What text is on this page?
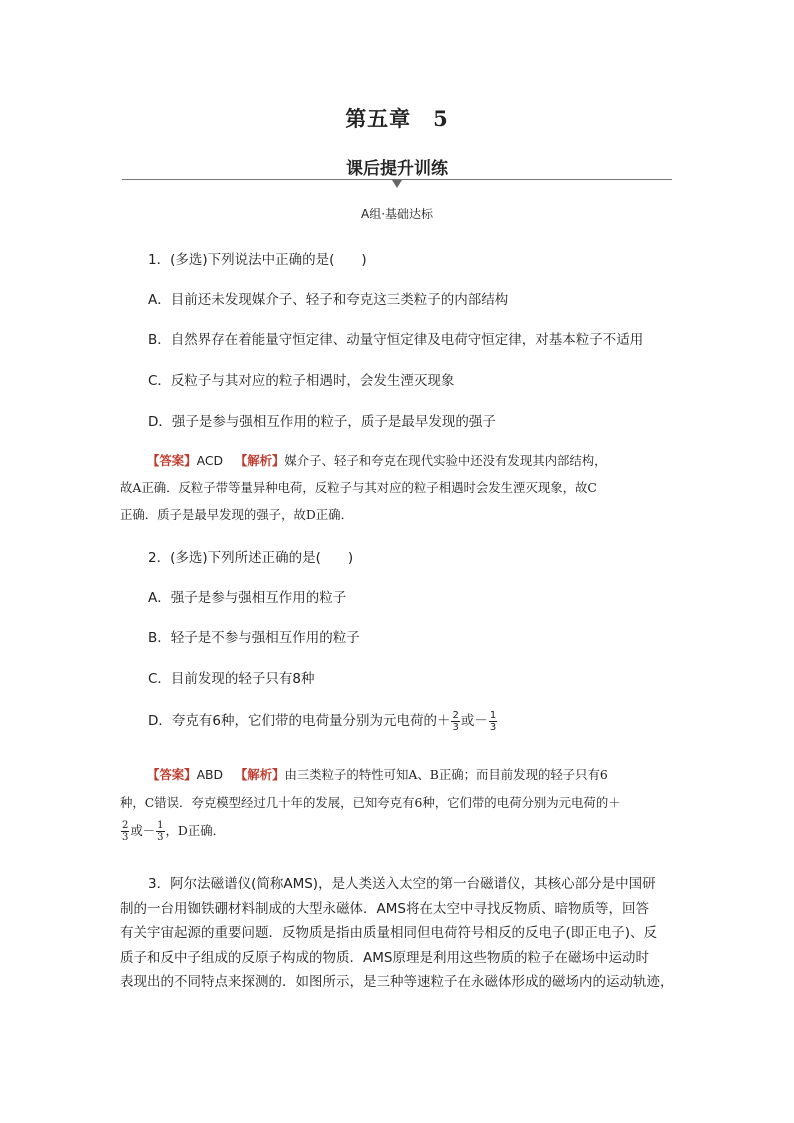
第五章　5
课后提升训练
A组·基础达标
1．(多选)下列说法中正确的是(　　)
A．目前还未发现媒介子、轻子和夸克这三类粒子的内部结构
B．自然界存在着能量守恒定律、动量守恒定律及电荷守恒定律，对基本粒子不适用
C．反粒子与其对应的粒子相遇时，会发生湮灭现象
D．强子是参与强相互作用的粒子，质子是最早发现的强子
【答案】ACD 【解析】媒介子、轻子和夸克在现代实验中还没有发现其内部结构，
故A正确．反粒子带等量异种电荷，反粒子与其对应的粒子相遇时会发生湮灭现象，故C
正确．质子是最早发现的强子，故D正确．
2．(多选)下列所述正确的是(　　)
A．强子是参与强相互作用的粒子
B．轻子是不参与强相互作用的粒子
C．目前发现的轻子只有8种
D．夸克有6种，它们带的电荷量分别为元电荷的＋ $\frac{2}{3}$ 或－ $\frac{1}{3}$
【答案】ABD 【解析】由三类粒子的特性可知A、B正确；而目前发现的轻子只有6
种，C错误．夸克模型经过几十年的发展，已知夸克有6种，它们带的电荷分别为元电荷的＋
$\frac{2}{3}$ 或－ $\frac{1}{3}$ ，D正确．
3．阿尔法磁谱仪(简称AMS)，是人类送入太空的第一台磁谱仪，其核心部分是中国研
制的一台用铷铁硼材料制成的大型永磁体．AMS将在太空中寻找反物质、暗物质等，回答
有关宇宙起源的重要问题．反物质是指由质量相同但电荷符号相反的反电子(即正电子)、反
质子和反中子组成的反原子构成的物质．AMS原理是利用这些物质的粒子在磁场中运动时
表现出的不同特点来探测的．如图所示，是三种等速粒子在永磁体形成的磁场内的运动轨迹，
